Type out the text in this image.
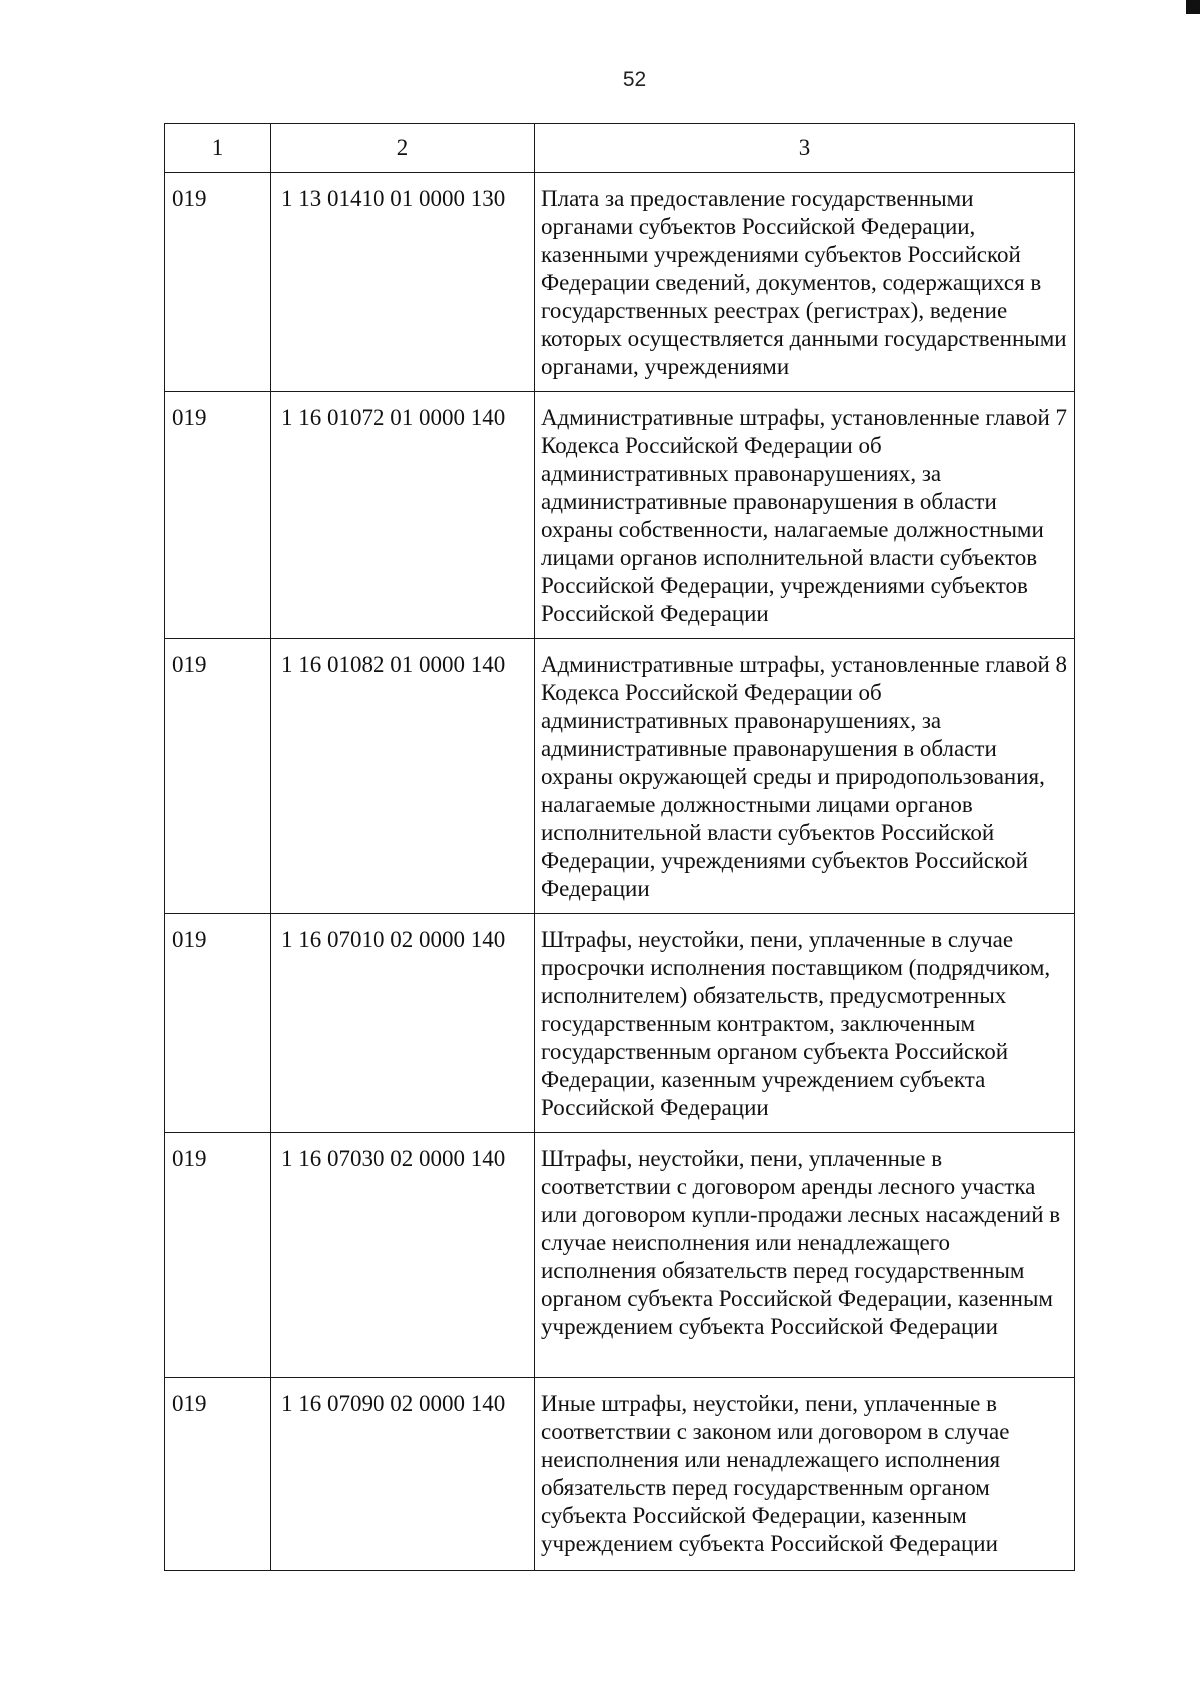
52
1	2	3
019	1 13 01410 01 0000 130	Плата за предоставление государственными органами субъектов Российской Федерации, казенными учреждениями субъектов Российской Федерации сведений, документов, содержащихся в государственных реестрах (регистрах), ведение которых осуществляется данными государственными органами, учреждениями
019	1 16 01072 01 0000 140	Административные штрафы, установленные главой 7 Кодекса Российской Федерации об административных правонарушениях, за административные правонарушения в области охраны собственности, налагаемые должностными лицами органов исполнительной власти субъектов Российской Федерации, учреждениями субъектов Российской Федерации
019	1 16 01082 01 0000 140	Административные штрафы, установленные главой 8 Кодекса Российской Федерации об административных правонарушениях, за административные правонарушения в области охраны окружающей среды и природопользования, налагаемые должностными лицами органов исполнительной власти субъектов Российской Федерации, учреждениями субъектов Российской Федерации
019	1 16 07010 02 0000 140	Штрафы, неустойки, пени, уплаченные в случае просрочки исполнения поставщиком (подрядчиком, исполнителем) обязательств, предусмотренных государственным контрактом, заключенным государственным органом субъекта Российской Федерации, казенным учреждением субъекта Российской Федерации
019	1 16 07030 02 0000 140	Штрафы, неустойки, пени, уплаченные в соответствии с договором аренды лесного участка или договором купли-продажи лесных насаждений в случае неисполнения или ненадлежащего исполнения обязательств перед государственным органом субъекта Российской Федерации, казенным учреждением субъекта Российской Федерации
019	1 16 07090 02 0000 140	Иные штрафы, неустойки, пени, уплаченные в соответствии с законом или договором в случае неисполнения или ненадлежащего исполнения обязательств перед государственным органом субъекта Российской Федерации, казенным учреждением субъекта Российской Федерации
